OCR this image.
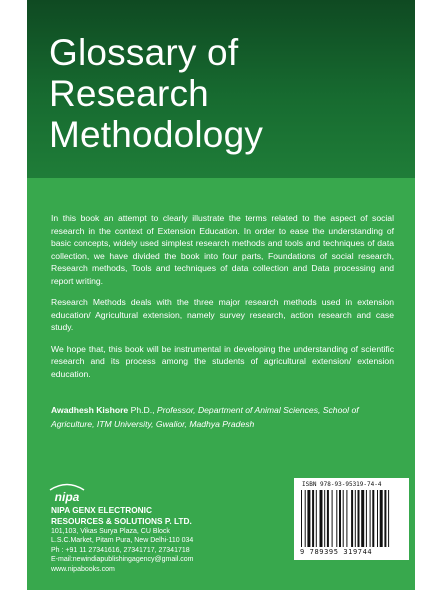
Glossary of
Research
Methodology

In this book an attempt to clearly illustrate the terms related to the aspect of social research in the context of Extension Education. In order to ease the understanding of basic concepts, widely used simplest research methods and tools and techniques of data collection, we have divided the book into four parts, Foundations of social research, Research methods, Tools and techniques of data collection and Data processing and report writing.

Research Methods deals with the three major research methods used in extension education/ Agricultural extension, namely survey research, action research and case study.

We hope that, this book will be instrumental in developing the understanding of scientific research and its process among the students of agricultural extension/ extension education.

Awadhesh Kishore Ph.D., Professor, Department of Animal Sciences, School of Agriculture, ITM University, Gwalior, Madhya Pradesh
nipa
NIPA GENX ELECTRONIC
RESOURCES & SOLUTIONS P. LTD.
101,103, Vikas Surya Plaza, CU Block
L.S.C.Market, Pitam Pura, New Delhi-110 034
Ph : +91 11 27341616, 27341717, 27341718
E-mail:newindiapublishingagency@gmail.com
www.nipabooks.com
ISBN 978-93-95319-74-4
9 789395 319744
